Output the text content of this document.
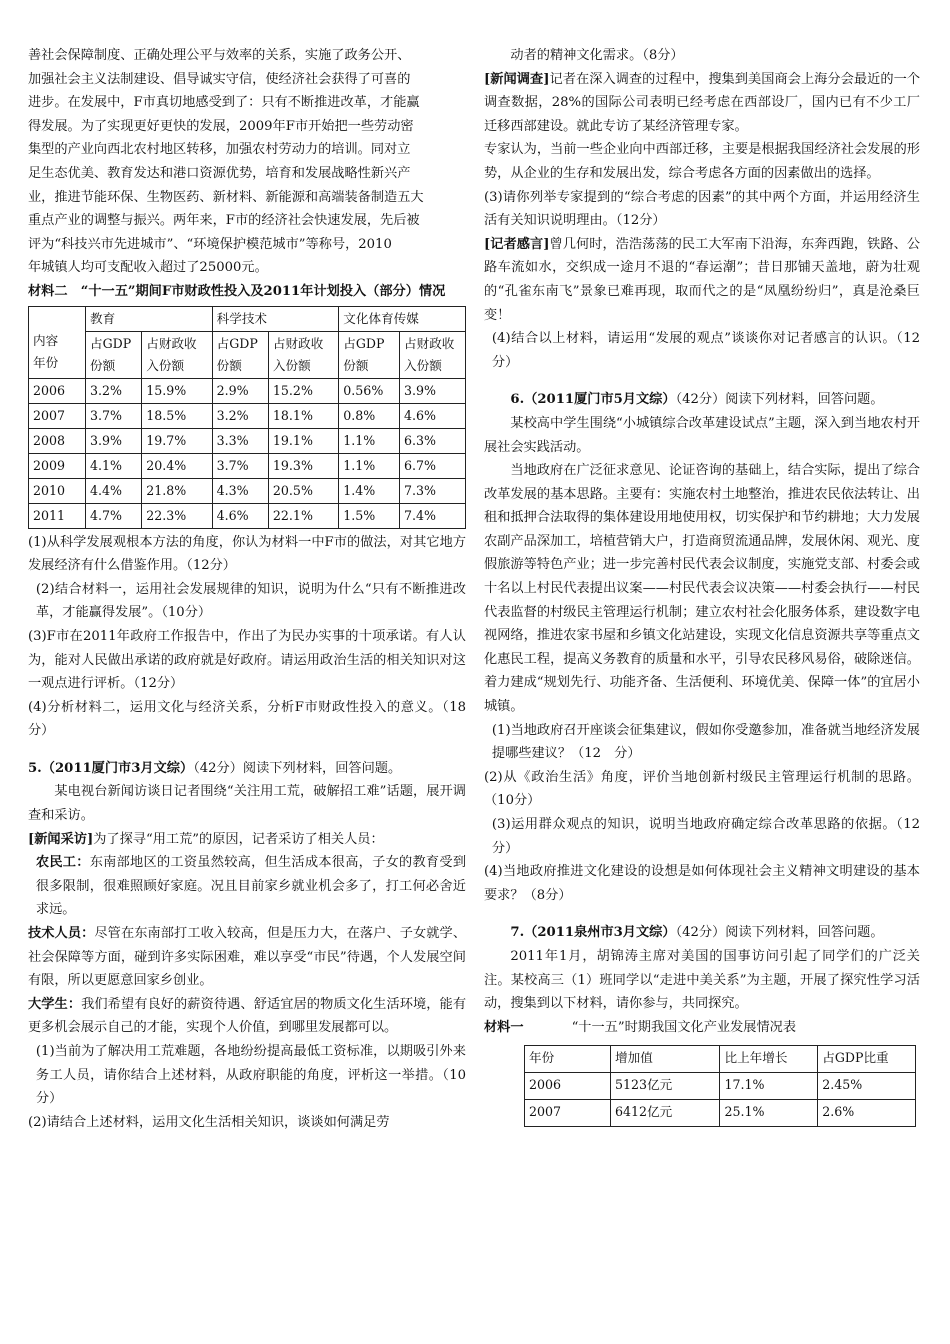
善社会保障制度、正确处理公平与效率的关系，实施了政务公开、

加强社会主义法制建设、倡导诚实守信，使经济社会获得了可喜的

进步。在发展中，F市真切地感受到了：只有不断推进改革，才能赢

得发展。为了实现更好更快的发展，2009年F市开始把一些劳动密

集型的产业向西北农村地区转移，加强农村劳动力的培训。同对立

足生态优美、教育发达和港口资源优势，培育和发展战略性新兴产

业，推进节能环保、生物医药、新材料、新能源和高端装备制造五大

重点产业的调整与振兴。两年来，F市的经济社会快速发展，先后被

评为“科技兴市先进城市”、“环境保护模范城市”等称号，2010

年城镇人均可支配收入超过了25000元。

材料二　“十一五”期间F市财政性投入及2011年计划投入（部分）情况

内容
年份	教育		科学技术		文化体育传媒	
	占GDP份额	占财政收入份额	占GDP份额	占财政收入份额	占GDP份额	占财政收入份额
2006	3.2%	15.9%	2.9%	15.2%	0.56%	3.9%
2007	3.7%	18.5%	3.2%	18.1%	0.8%	4.6%
2008	3.9%	19.7%	3.3%	19.1%	1.1%	6.3%
2009	4.1%	20.4%	3.7%	19.3%	1.1%	6.7%
2010	4.4%	21.8%	4.3%	20.5%	1.4%	7.3%
2011	4.7%	22.3%	4.6%	22.1%	1.5%	7.4%

(1)从科学发展观根本方法的角度，你认为材料一中F市的做法，对其它地方发展经济有什么借鉴作用。（12分）

(2)结合材料一，运用社会发展规律的知识，说明为什么“只有不断推进改革，才能赢得发展”。（10分）

(3)F市在2011年政府工作报告中，作出了为民办实事的十项承诺。有人认为，能对人民做出承诺的政府就是好政府。请运用政治生活的相关知识对这一观点进行评析。（12分）

(4)分析材料二，运用文化与经济关系，分析F市财政性投入的意义。（18分）

5.（2011厦门市3月文综）（42分）阅读下列材料，回答问题。

某电视台新闻访谈日记者围绕“关注用工荒，破解招工难”话题，展开调查和采访。

[新闻采访]为了探寻“用工荒”的原因，记者采访了相关人员：

农民工：东南部地区的工资虽然较高，但生活成本很高，子女的教育受到很多限制，很难照顾好家庭。况且目前家乡就业机会多了，打工何必舍近求远。

技术人员：尽管在东南部打工收入较高，但是压力大，在落户、子女就学、社会保障等方面，碰到许多实际困难，难以享受“市民”待遇，个人发展空间有限，所以更愿意回家乡创业。

大学生：我们希望有良好的薪资待遇、舒适宜居的物质文化生活环境，能有更多机会展示自己的才能，实现个人价值，到哪里发展都可以。

(1)当前为了解决用工荒难题，各地纷纷提高最低工资标准，以期吸引外来务工人员，请你结合上述材料，从政府职能的角度，评析这一举措。（10分）

(2)请结合上述材料，运用文化生活相关知识，谈谈如何满足劳

动者的精神文化需求。（8分）

[新闻调查]记者在深入调查的过程中，搜集到美国商会上海分会最近的一个调查数据，28%的国际公司表明已经考虑在西部设厂，国内已有不少工厂迁移西部建设。就此专访了某经济管理专家。

专家认为，当前一些企业向中西部迁移，主要是根据我国经济社会发展的形势，从企业的生存和发展出发，综合考虑各方面的因素做出的选择。

(3)请你列举专家提到的“综合考虑的因素”的其中两个方面，并运用经济生活有关知识说明理由。（12分）

[记者感言]曾几何时，浩浩荡荡的民工大军南下沿海，东奔西跑，铁路、公路车流如水，交织成一途月不退的“春运潮”；昔日那铺天盖地，蔚为壮观的“孔雀东南飞”景象已难再现，取而代之的是“凤凰纷纷归”，真是沧桑巨变！

(4)结合以上材料，请运用“发展的观点”谈谈你对记者感言的认识。（12分）

6.（2011厦门市5月文综）（42分）阅读下列材料，回答问题。

某校高中学生围绕“小城镇综合改革建设试点”主题，深入到当地农村开展社会实践活动。

当地政府在广泛征求意见、论证咨询的基础上，结合实际，提出了综合改革发展的基本思路。主要有：实施农村土地整治，推进农民依法转让、出租和抵押合法取得的集体建设用地使用权，切实保护和节约耕地；大力发展农副产品深加工，培植营销大户，打造商贸流通品牌，发展休闲、观光、度假旅游等特色产业；进一步完善村民代表会议制度，实施党支部、村委会或十名以上村民代表提出议案——村民代表会议决策——村委会执行——村民代表监督的村级民主管理运行机制；建立农村社会化服务体系，建设数字电视网络，推进农家书屋和乡镇文化站建设，实现文化信息资源共享等重点文化惠民工程，提高义务教育的质量和水平，引导农民移风易俗，破除迷信。着力建成“规划先行、功能齐备、生活便利、环境优美、保障一体”的宜居小城镇。

(1)当地政府召开座谈会征集建议，假如你受邀参加，准备就当地经济发展提哪些建议？（12　分）

(2)从《政治生活》角度，评价当地创新村级民主管理运行机制的思路。（10分）

(3)运用群众观点的知识，说明当地政府确定综合改革思路的依据。（12分）

(4)当地政府推进文化建设的设想是如何体现社会主义精神文明建设的基本要求？（8分）

7.（2011泉州市3月文综）（42分）阅读下列材料，回答问题。

2011年1月，胡锦涛主席对美国的国事访问引起了同学们的广泛关注。某校高三（1）班同学以“走进中美关系”为主题，开展了探究性学习活动，搜集到以下材料，请你参与，共同探究。

材料一	“十一五”时期我国文化产业发展情况表

年份	增加值	比上年增长	占GDP比重
2006	5123亿元	17.1%	2.45%
2007	6412亿元	25.1%	2.6%
